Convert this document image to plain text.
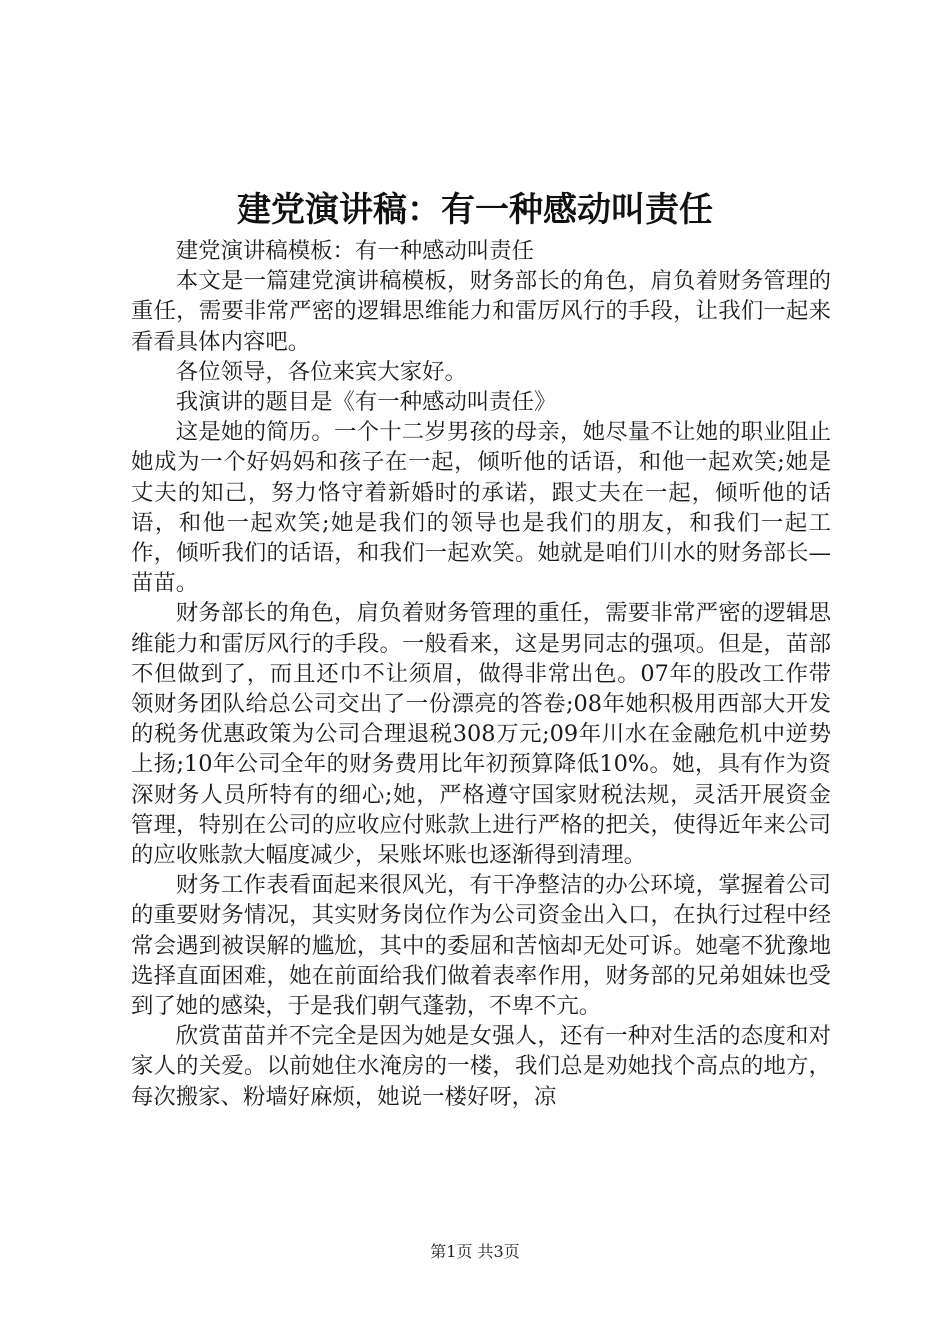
建党演讲稿：有一种感动叫责任

建党演讲稿模板：有一种感动叫责任

本文是一篇建党演讲稿模板，财务部长的角色，肩负着财务管理的重任，需要非常严密的逻辑思维能力和雷厉风行的手段，让我们一起来看看具体内容吧。

各位领导，各位来宾大家好。

我演讲的题目是《有一种感动叫责任》

这是她的简历。一个十二岁男孩的母亲，她尽量不让她的职业阻止她成为一个好妈妈和孩子在一起，倾听他的话语，和他一起欢笑;她是丈夫的知己，努力恪守着新婚时的承诺，跟丈夫在一起，倾听他的话语，和他一起欢笑;她是我们的领导也是我们的朋友，和我们一起工作，倾听我们的话语，和我们一起欢笑。她就是咱们川水的财务部长—苗苗。

财务部长的角色，肩负着财务管理的重任，需要非常严密的逻辑思维能力和雷厉风行的手段。一般看来，这是男同志的强项。但是，苗部不但做到了，而且还巾不让须眉，做得非常出色。07年的股改工作带领财务团队给总公司交出了一份漂亮的答卷;08年她积极用西部大开发的税务优惠政策为公司合理退税308万元;09年川水在金融危机中逆势上扬;10年公司全年的财务费用比年初预算降低10%。她，具有作为资深财务人员所特有的细心;她，严格遵守国家财税法规，灵活开展资金管理，特别在公司的应收应付账款上进行严格的把关，使得近年来公司的应收账款大幅度减少，呆账坏账也逐渐得到清理。

财务工作表看面起来很风光，有干净整洁的办公环境，掌握着公司的重要财务情况，其实财务岗位作为公司资金出入口，在执行过程中经常会遇到被误解的尴尬，其中的委屈和苦恼却无处可诉。她毫不犹豫地选择直面困难，她在前面给我们做着表率作用，财务部的兄弟姐妹也受到了她的感染，于是我们朝气蓬勃，不卑不亢。

欣赏苗苗并不完全是因为她是女强人，还有一种对生活的态度和对家人的关爱。以前她住水淹房的一楼，我们总是劝她找个高点的地方，每次搬家、粉墙好麻烦，她说一楼好呀，凉

第1页 共3页
